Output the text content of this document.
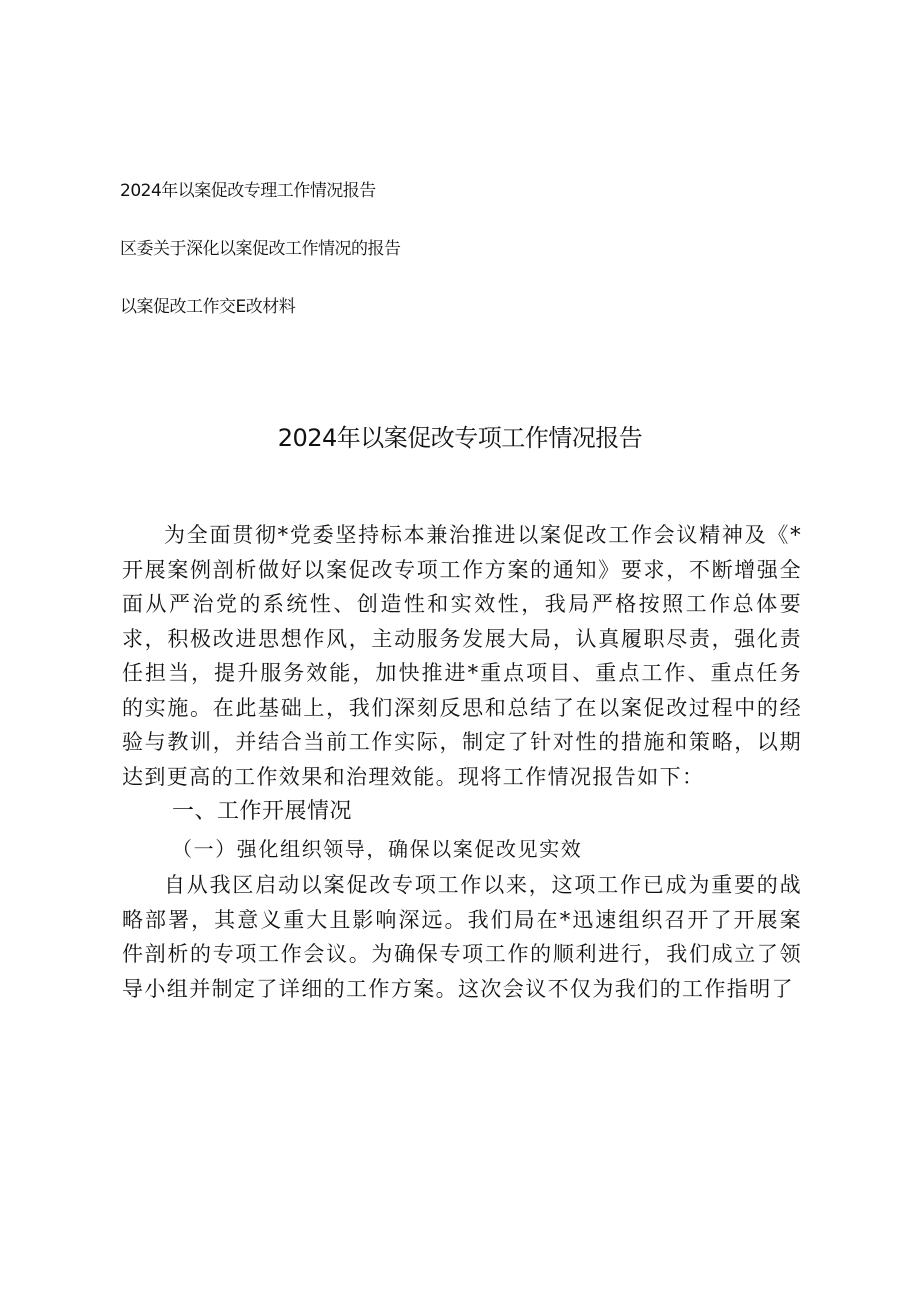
2024年以案促改专理工作情况报告
区委关于深化以案促改工作情况的报告
以案促改工作交E改材料
2024年以案促改专项工作情况报告

为全面贯彻*党委坚持标本兼治推进以案促改工作会议精神及《*开展案例剖析做好以案促改专项工作方案的通知》要求，不断增强全面从严治党的系统性、创造性和实效性，我局严格按照工作总体要求，积极改进思想作风，主动服务发展大局，认真履职尽责，强化责任担当，提升服务效能，加快推进*重点项目、重点工作、重点任务的实施。在此基础上，我们深刻反思和总结了在以案促改过程中的经验与教训，并结合当前工作实际，制定了针对性的措施和策略，以期达到更高的工作效果和治理效能。现将工作情况报告如下：

一、工作开展情况
（一）强化组织领导，确保以案促改见实效

自从我区启动以案促改专项工作以来，这项工作已成为重要的战略部署，其意义重大且影响深远。我们局在*迅速组织召开了开展案件剖析的专项工作会议。为确保专项工作的顺利进行，我们成立了领导小组并制定了详细的工作方案。这次会议不仅为我们的工作指明了
